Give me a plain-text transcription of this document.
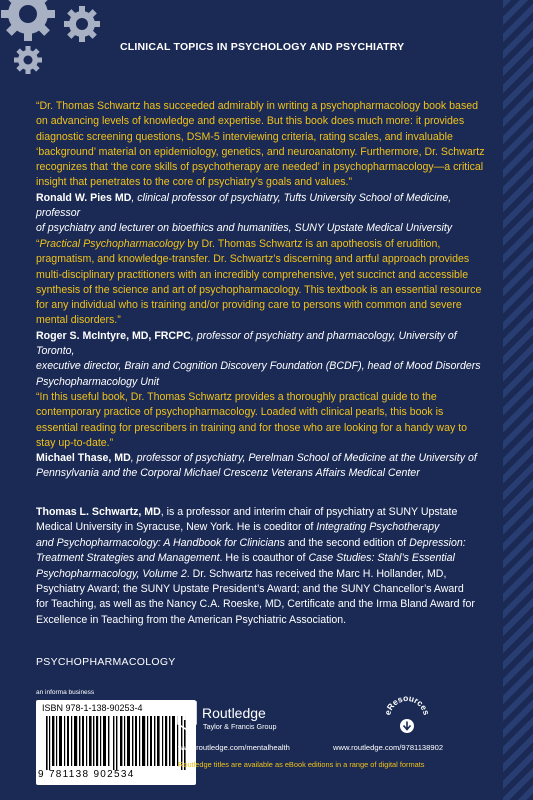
CLINICAL TOPICS IN PSYCHOLOGY AND PSYCHIATRY
“Dr. Thomas Schwartz has succeeded admirably in writing a psychopharmacology book based
on advancing levels of knowledge and expertise. But this book does much more: it provides
diagnostic screening questions, DSM-5 interviewing criteria, rating scales, and invaluable
‘background’ material on epidemiology, genetics, and neuroanatomy. Furthermore, Dr. Schwartz
recognizes that ‘the core skills of psychotherapy are needed’ in psychopharmacology—a critical
insight that penetrates to the core of psychiatry’s goals and values.”
Ronald W. Pies MD, clinical professor of psychiatry, Tufts University School of Medicine, professor
of psychiatry and lecturer on bioethics and humanities, SUNY Upstate Medical University
“Practical Psychopharmacology by Dr. Thomas Schwartz is an apotheosis of erudition,
pragmatism, and knowledge-transfer. Dr. Schwartz’s discerning and artful approach provides
multi-disciplinary practitioners with an incredibly comprehensive, yet succinct and accessible
synthesis of the science and art of psychopharmacology. This textbook is an essential resource
for any individual who is training and/or providing care to persons with common and severe
mental disorders.”
Roger S. McIntyre, MD, FRCPC, professor of psychiatry and pharmacology, University of Toronto,
executive director, Brain and Cognition Discovery Foundation (BCDF), head of Mood Disorders
Psychopharmacology Unit
“In this useful book, Dr. Thomas Schwartz provides a thoroughly practical guide to the
contemporary practice of psychopharmacology. Loaded with clinical pearls, this book is
essential reading for prescribers in training and for those who are looking for a handy way to
stay up-to-date.”
Michael Thase, MD, professor of psychiatry, Perelman School of Medicine at the University of
Pennsylvania and the Corporal Michael Crescenz Veterans Affairs Medical Center
Thomas L. Schwartz, MD, is a professor and interim chair of psychiatry at SUNY Upstate
Medical University in Syracuse, New York. He is coeditor of Integrating Psychotherapy
and Psychopharmacology: A Handbook for Clinicians and the second edition of Depression:
Treatment Strategies and Management. He is coauthor of Case Studies: Stahl’s Essential
Psychopharmacology, Volume 2. Dr. Schwartz has received the Marc H. Hollander, MD,
Psychiatry Award; the SUNY Upstate President’s Award; and the SUNY Chancellor’s Award
for Teaching, as well as the Nancy C.A. Roeske, MD, Certificate and the Irma Bland Award for
Excellence in Teaching from the American Psychiatric Association.
PSYCHOPHARMACOLOGY
an informa business
ISBN 978-1-138-90253-4
9 781138 902534
R Routledge
Taylor & Francis Group
www.routledge.com/mentalhealth
eResources
www.routledge.com/9781138902
Routledge titles are available as eBook editions in a range of digital formats
